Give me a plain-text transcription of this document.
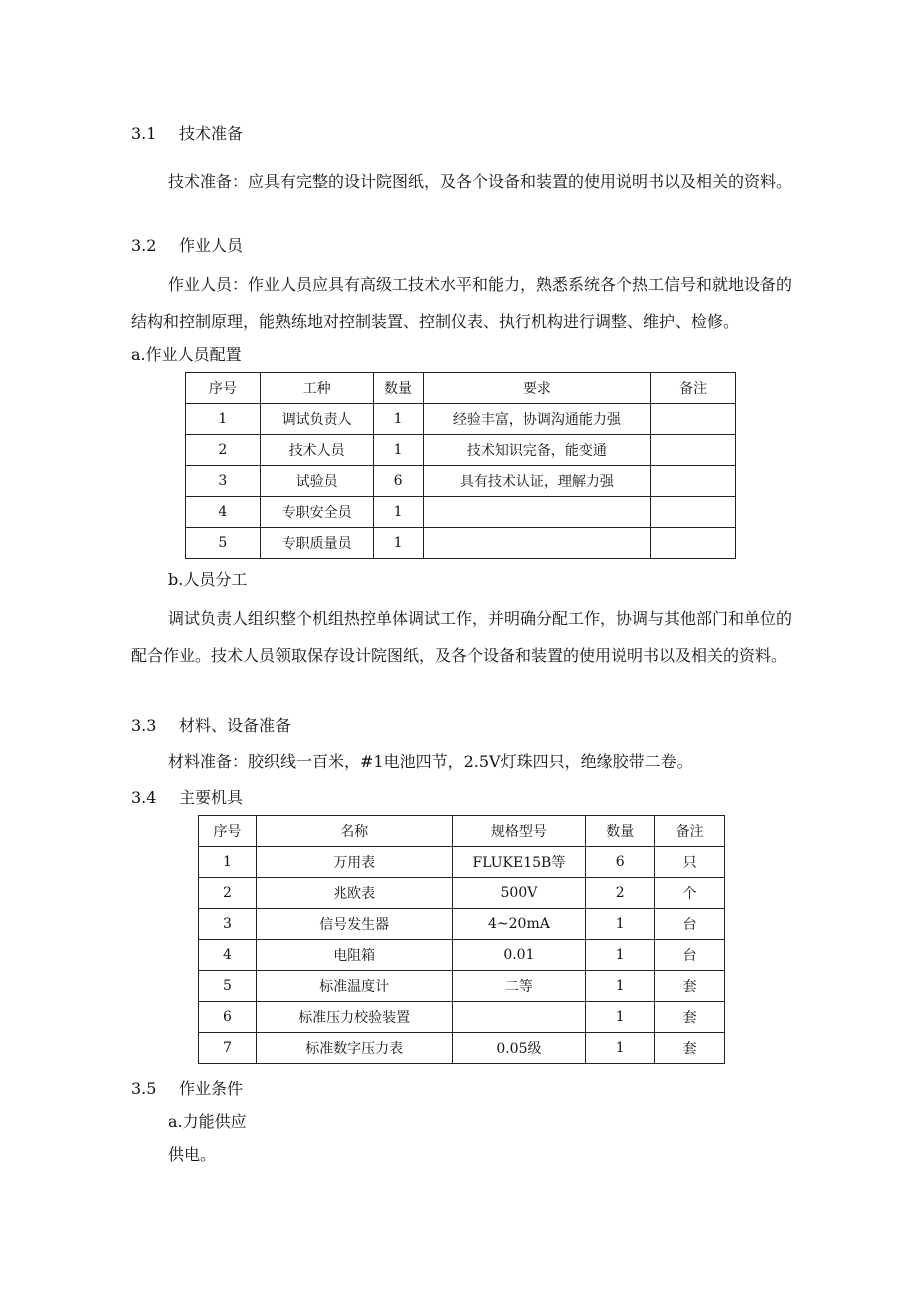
3.1 技术准备

技术准备：应具有完整的设计院图纸，及各个设备和装置的使用说明书以及相关的资料。

3.2 作业人员

作业人员：作业人员应具有高级工技术水平和能力，熟悉系统各个热工信号和就地设备的结构和控制原理，能熟练地对控制装置、控制仪表、执行机构进行调整、维护、检修。

a.作业人员配置
序号	工种	数量	要求	备注
1	调试负责人	1	经验丰富，协调沟通能力强	
2	技术人员	1	技术知识完备，能变通	
3	试验员	6	具有技术认证，理解力强	
4	专职安全员	1		
5	专职质量员	1		
b.人员分工

调试负责人组织整个机组热控单体调试工作，并明确分配工作，协调与其他部门和单位的配合作业。技术人员领取保存设计院图纸，及各个设备和装置的使用说明书以及相关的资料。

3.3 材料、设备准备
材料准备：胶织线一百米，#1电池四节，2.5V灯珠四只，绝缘胶带二卷。
3.4 主要机具
序号	名称	规格型号	数量	备注
1	万用表	FLUKE15B等	6	只
2	兆欧表	500V	2	个
3	信号发生器	4~20mA	1	台
4	电阻箱	0.01	1	台
5	标准温度计	二等	1	套
6	标准压力校验装置		1	套
7	标准数字压力表	0.05级	1	套
3.5 作业条件
a.力能供应
供电。
